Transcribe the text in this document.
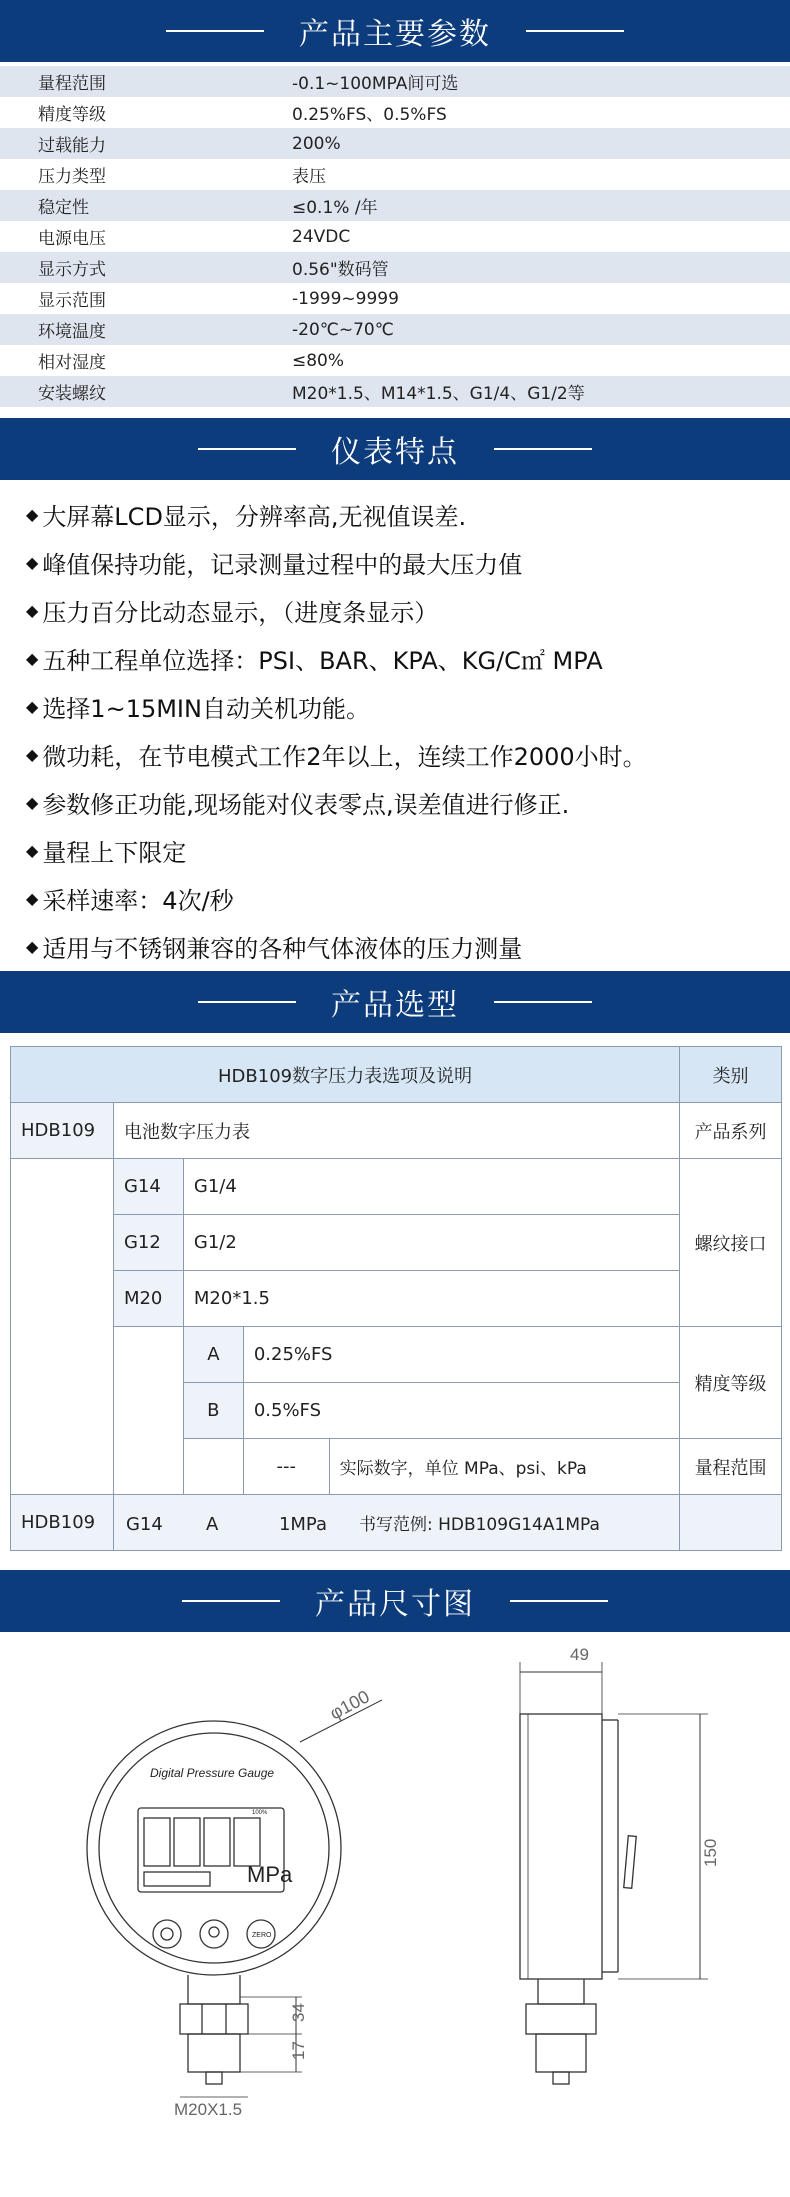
产品主要参数
量程范围	-0.1~100MPA间可选
精度等级	0.25%FS、0.5%FS
过载能力	200%
压力类型	表压
稳定性	≤0.1% /年
电源电压	24VDC
显示方式	0.56"数码管
显示范围	-1999~9999
环境温度	-20℃~70℃
相对湿度	≤80%
安装螺纹	M20*1.5、M14*1.5、G1/4、G1/2等
仪表特点
◆ 大屏幕LCD显示，分辨率高,无视值误差.
◆ 峰值保持功能，记录测量过程中的最大压力值
◆ 压力百分比动态显示，（进度条显示）
◆ 五种工程单位选择：PSI、BAR、KPA、KG/C㎡ MPA
◆ 选择1~15MIN自动关机功能。
◆ 微功耗，在节电模式工作2年以上，连续工作2000小时。
◆ 参数修正功能,现场能对仪表零点,误差值进行修正.
◆ 量程上下限定
◆ 采样速率：4次/秒
◆ 适用与不锈钢兼容的各种气体液体的压力测量
产品选型
HDB109数字压力表选项及说明					类别
HDB109	电池数字压力表				产品系列
	G14	G1/4			螺纹接口
	G12	G1/2			
	M20	M20*1.5			
		A	0.25%FS		精度等级
		B	0.5%FS		
			---	实际数字，单位 MPa、psi、kPa	量程范围
HDB109	G14 A 1MPa 书写范例: HDB109G14A1MPa				
产品尺寸图
Digital Pressure Gauge
MPa
100%
ZERO
φ100
34
17
M20X1.5
49
150
